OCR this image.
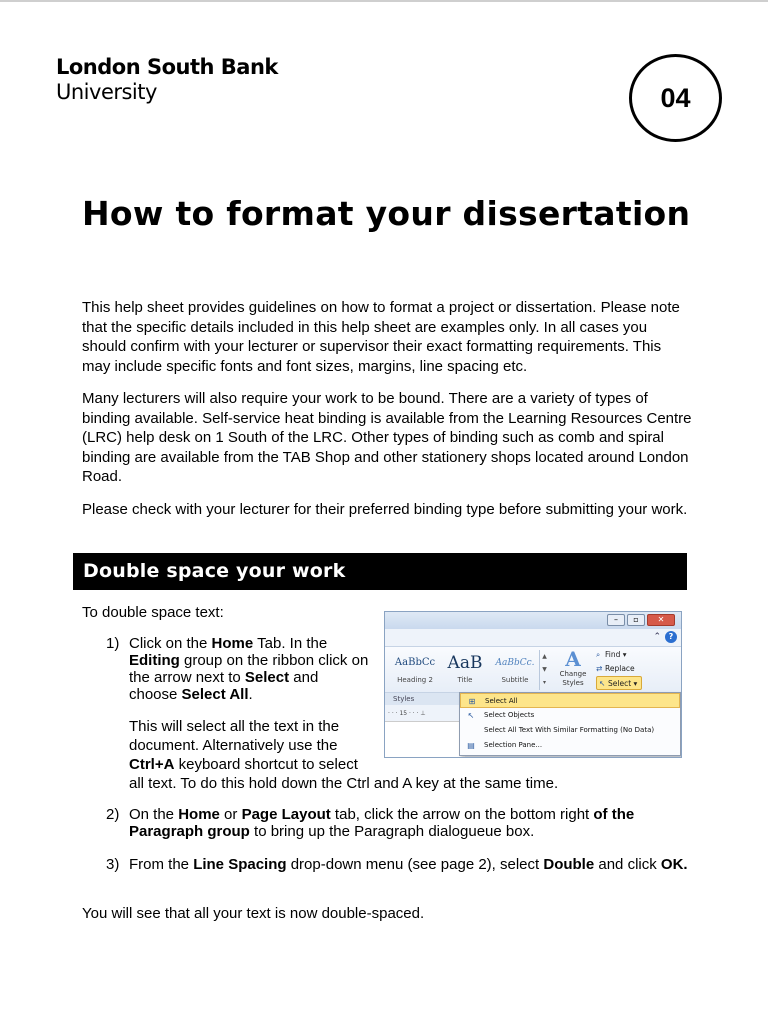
London South Bank
University	04
How to format your dissertation

This help sheet provides guidelines on how to format a project or dissertation. Please note that the specific details included in this help sheet are examples only. In all cases you should confirm with your lecturer or supervisor their exact formatting requirements. This may include specific fonts and font sizes, margins, line spacing etc.

Many lecturers will also require your work to be bound. There are a variety of types of binding available. Self-service heat binding is available from the Learning Resources Centre (LRC) help desk on 1 South of the LRC. Other types of binding such as comb and spiral binding are available from the TAB Shop and other stationery shops located around London Road.

Please check with your lecturer for their preferred binding type before submitting your work.

Double space your work

To double space text:

1) Click on the Home Tab. In the Editing group on the ribbon click on the arrow next to Select and choose Select All.

This will select all the text in the document. Alternatively use the Ctrl+A keyboard shortcut to select

all text. To do this hold down the Ctrl and A key at the same time.

2) On the Home or Page Layout tab, click the arrow on the bottom right of the Paragraph group to bring up the Paragraph dialogueue box.

3) From the Line Spacing drop-down menu (see page 2), select Double and click OK.

You will see that all your text is now double-spaced.

–	▫	✕
⌃ ?
AaBbCc
Heading 2
AaB
Title
AaBbCc.
Subtitle
▲
▼
▾
A
Change Styles
⌕ Find ▾
⇄ Replace
↖ Select ▾
Styles
· · · 15 · · · ⊥
⊞	Select All
↖	Select Objects
Select All Text With Similar Formatting (No Data)
▤	Selection Pane...
